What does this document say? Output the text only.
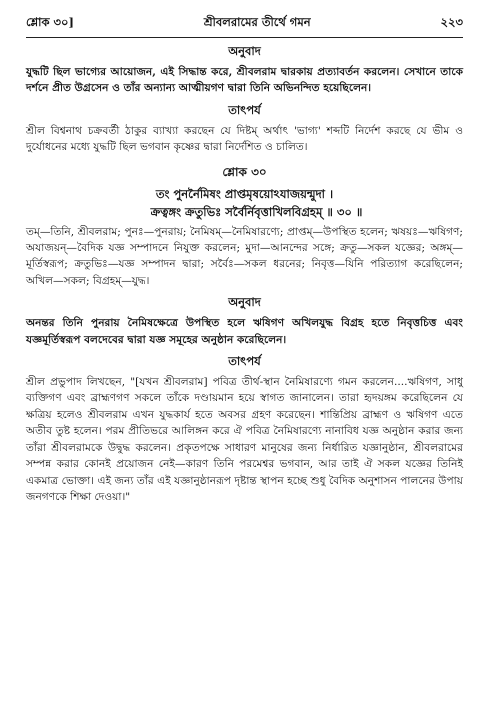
শ্লোক ৩০]	শ্রীবলরামের তীর্থে গমন	২২৩
অনুবাদ
যুদ্ধটি ছিল ভাগ্যের আয়োজন, এই সিদ্ধান্ত করে, শ্রীবলরাম দ্বারকায় প্রত্যাবর্তন করলেন। সেখানে তাকে দর্শনে প্রীত উগ্রসেন ও তাঁর অন্যান্য আত্মীয়গণ দ্বারা তিনি অভিনন্দিত হয়েছিলেন।
তাৎপর্য
শ্রীল বিশ্বনাথ চক্রবর্তী ঠাকুর ব্যাখ্যা করছেন যে দিষ্টম্ অর্থাৎ 'ভাগ্য' শব্দটি নির্দেশ করছে যে ভীম ও দুর্যোধনের মধ্যে যুদ্ধটি ছিল ভগবান কৃষ্ণের দ্বারা নির্দেশিত ও চালিত।
শ্লোক ৩০
তং পুনর্নৈমিষং প্রাপ্তমৃষয়োঽযাজয়ন্মুদা ।
ক্রত্বঙ্গং ক্রতুভিঃ সর্বৈর্নিবৃত্তাখিলবিগ্রহম্ ॥ ৩০ ॥
তম্—তিনি, শ্রীবলরাম; পুনঃ—পুনরায়; নৈমিষম্—নৈমিষারণ্যে; প্রাপ্তম্—উপস্থিত হলেন; ঋষয়ঃ—ঋষিগণ; অযাজয়ন্—বৈদিক যজ্ঞ সম্পাদনে নিযুক্ত করলেন; মুদা—আনন্দের সঙ্গে; ক্রতু—সকল যজ্ঞের; অঙ্গম্—মূর্তিস্বরূপ; ক্রতুভিঃ—যজ্ঞ সম্পাদন দ্বারা; সর্বৈঃ—সকল ধরনের; নিবৃত্ত—যিনি পরিত্যাগ করেছিলেন; অখিল—সকল; বিগ্রহম্—যুদ্ধ।
অনুবাদ
অনন্তর তিনি পুনরায় নৈমিষক্ষেত্রে উপস্থিত হলে ঋষিগণ অখিলযুদ্ধ বিগ্রহ হতে নিবৃত্তচিত্ত এবং যজ্ঞমূর্তিস্বরূপ বলদেবের দ্বারা যজ্ঞ সমূহের অনুষ্ঠান করেছিলেন।
তাৎপর্য
শ্রীল প্রভুপাদ লিখছেন, "[যখন শ্রীবলরাম] পবিত্র তীর্থ-স্থান নৈমিষারণ্যে গমন করলেন....ঋষিগণ, সাধু ব্যক্তিগণ এবং ব্রাহ্মণগণ সকলে তাঁকে দণ্ডায়মান হয়ে স্বাগত জানালেন। তারা হৃদয়ঙ্গম করেছিলেন যে ক্ষত্রিয় হলেও শ্রীবলরাম এখন যুদ্ধকার্য হতে অবসর গ্রহণ করেছেন। শান্তিপ্রিয় ব্রাহ্মণ ও ঋষিগণ এতে অতীব তুষ্ট হলেন। পরম প্রীতিভরে আলিঙ্গন করে ঐ পবিত্র নৈমিষারণ্যে নানাবিধ যজ্ঞ অনুষ্ঠান করার জন্য তাঁরা শ্রীবলরামকে উদ্বুদ্ধ করলেন। প্রকৃতপক্ষে সাধারণ মানুষের জন্য নির্ধারিত যজ্ঞানুষ্ঠান, শ্রীবলরামের সম্পন্ন করার কোনই প্রয়োজন নেই—কারণ তিনি পরমেশ্বর ভগবান, আর তাই ঐ সকল যজ্ঞের তিনিই একমাত্র ভোক্তা। এই জন্য তাঁর এই যজ্ঞানুষ্ঠানরূপ দৃষ্টান্ত স্থাপন হচ্ছে শুধু বৈদিক অনুশাসন পালনের উপায় জনগণকে শিক্ষা দেওয়া।"
